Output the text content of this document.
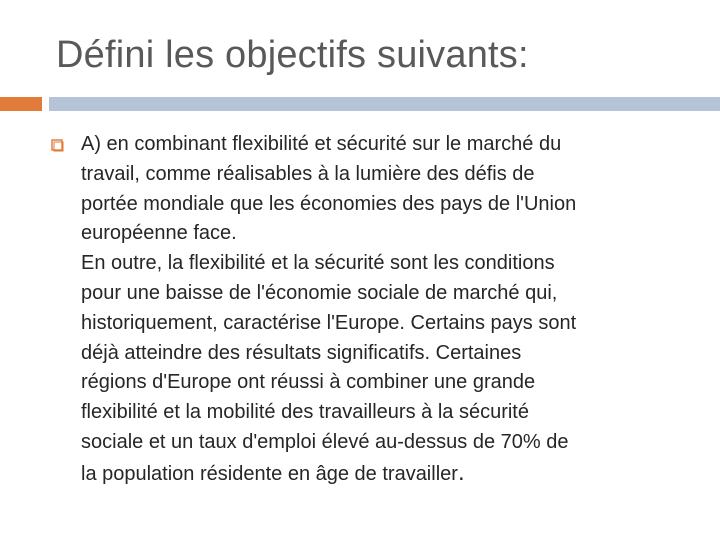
Défini les objectifs suivants:
A) en combinant flexibilité et sécurité sur le marché du
travail, comme réalisables à la lumière des défis de
portée mondiale que les économies des pays de l'Union
européenne face.
En outre, la flexibilité et la sécurité sont les conditions
pour une baisse de l'économie sociale de marché qui,
historiquement, caractérise l'Europe. Certains pays sont
déjà atteindre des résultats significatifs. Certaines
régions d'Europe ont réussi à combiner une grande
flexibilité et la mobilité des travailleurs à la sécurité
sociale et un taux d'emploi élevé au-dessus de 70% de
la population résidente en âge de travailler.
